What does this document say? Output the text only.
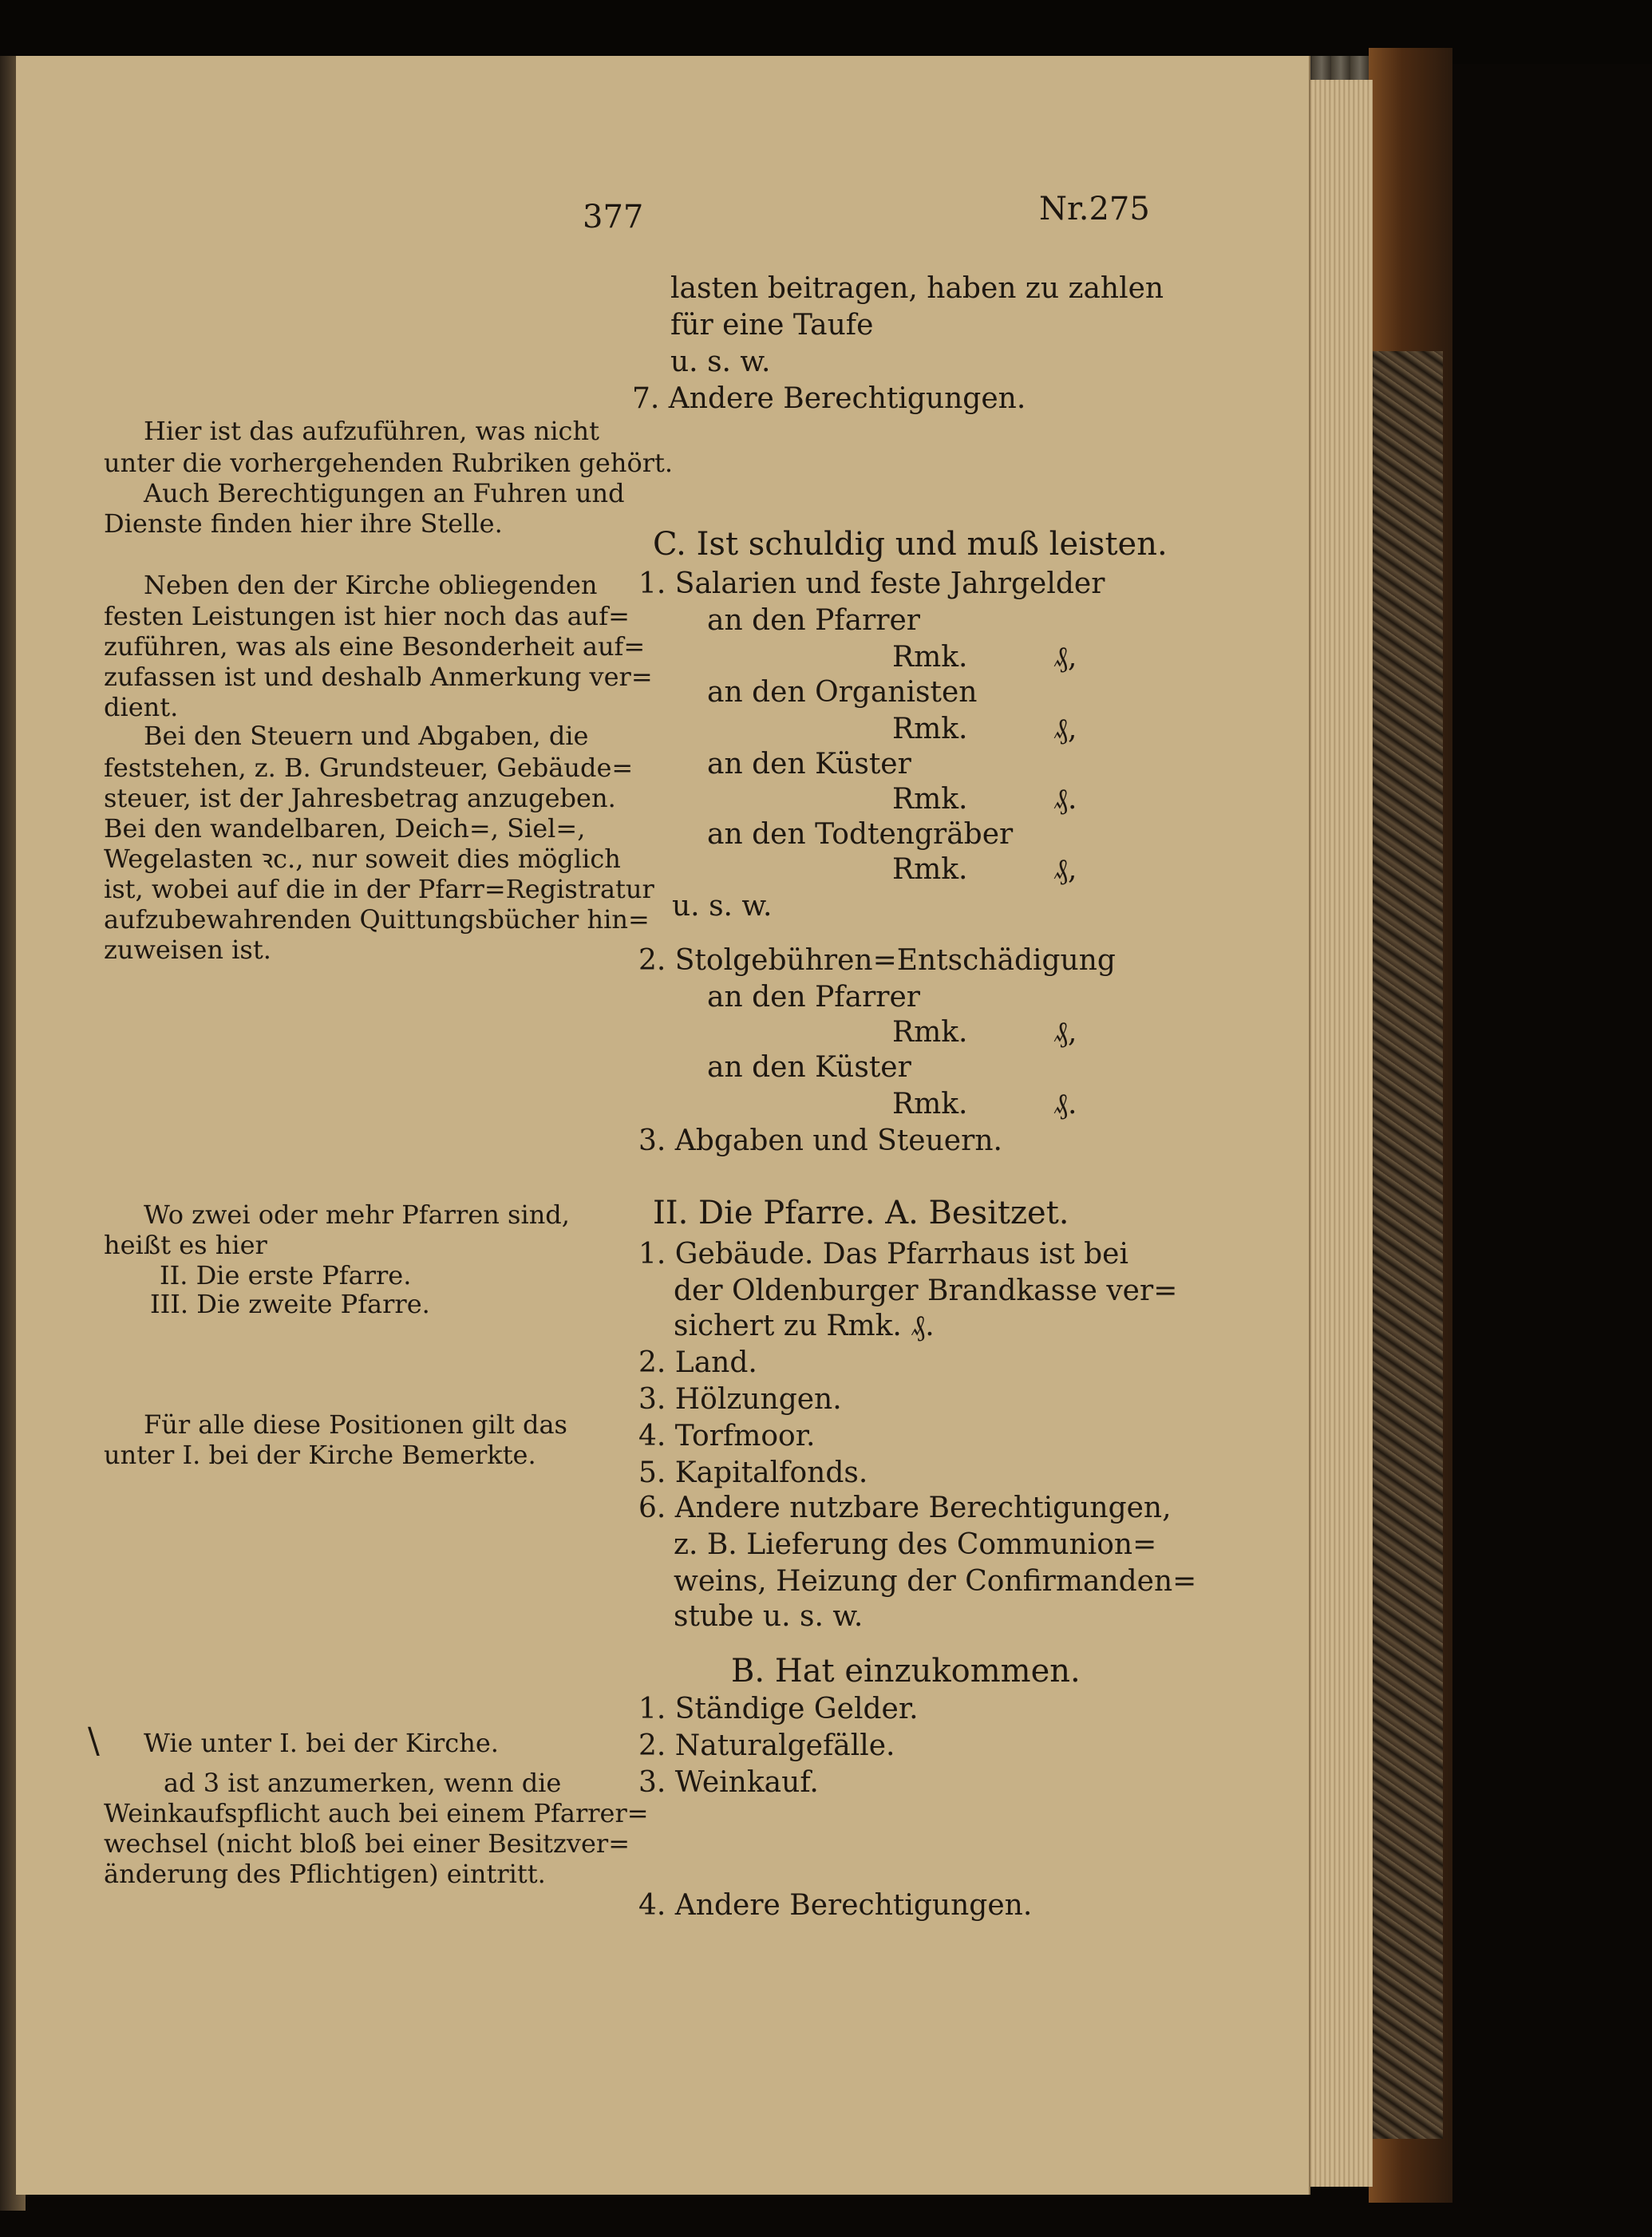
377	Nr.275
Hier ist das aufzuführen, was nicht
unter die vorhergehenden Rubriken gehört.
Auch Berechtigungen an Fuhren und
Dienste finden hier ihre Stelle.
Neben den der Kirche obliegenden
festen Leistungen ist hier noch das auf=
zuführen, was als eine Besonderheit auf=
zufassen ist und deshalb Anmerkung ver=
dient.
Bei den Steuern und Abgaben, die
feststehen, z. B. Grundsteuer, Gebäude=
steuer, ist der Jahresbetrag anzugeben.
Bei den wandelbaren, Deich=, Siel=,
Wegelasten ꝛc., nur soweit dies möglich
ist, wobei auf die in der Pfarr=Registratur
aufzubewahrenden Quittungsbücher hin=
zuweisen ist.
Wo zwei oder mehr Pfarren sind,
heißt es hier
II. Die erste Pfarre.
III. Die zweite Pfarre.
Für alle diese Positionen gilt das
unter I. bei der Kirche Bemerkte.
\ Wie unter I. bei der Kirche.
ad 3 ist anzumerken, wenn die
Weinkaufspflicht auch bei einem Pfarrer=
wechsel (nicht bloß bei einer Besitzver=
änderung des Pflichtigen) eintritt.
lasten beitragen, haben zu zahlen
für eine Taufe
u. s. w.
7. Andere Berechtigungen.
C. Ist schuldig und muß leisten.
1. Salarien und feste Jahrgelder
an den Pfarrer
Rmk.	₰,
an den Organisten
Rmk.	₰,
an den Küster
Rmk.	₰.
an den Todtengräber
Rmk.	₰,
u. s. w.
2. Stolgebühren=Entschädigung
an den Pfarrer
Rmk.	₰,
an den Küster
Rmk.	₰.
3. Abgaben und Steuern.
II. Die Pfarre. A. Besitzet.
1. Gebäude. Das Pfarrhaus ist bei
der Oldenburger Brandkasse ver=
sichert zu Rmk. ₰.
2. Land.
3. Hölzungen.
4. Torfmoor.
5. Kapitalfonds.
6. Andere nutzbare Berechtigungen,
z. B. Lieferung des Communion=
weins, Heizung der Confirmanden=
stube u. s. w.
B. Hat einzukommen.
1. Ständige Gelder.
2. Naturalgefälle.
3. Weinkauf.
4. Andere Berechtigungen.
